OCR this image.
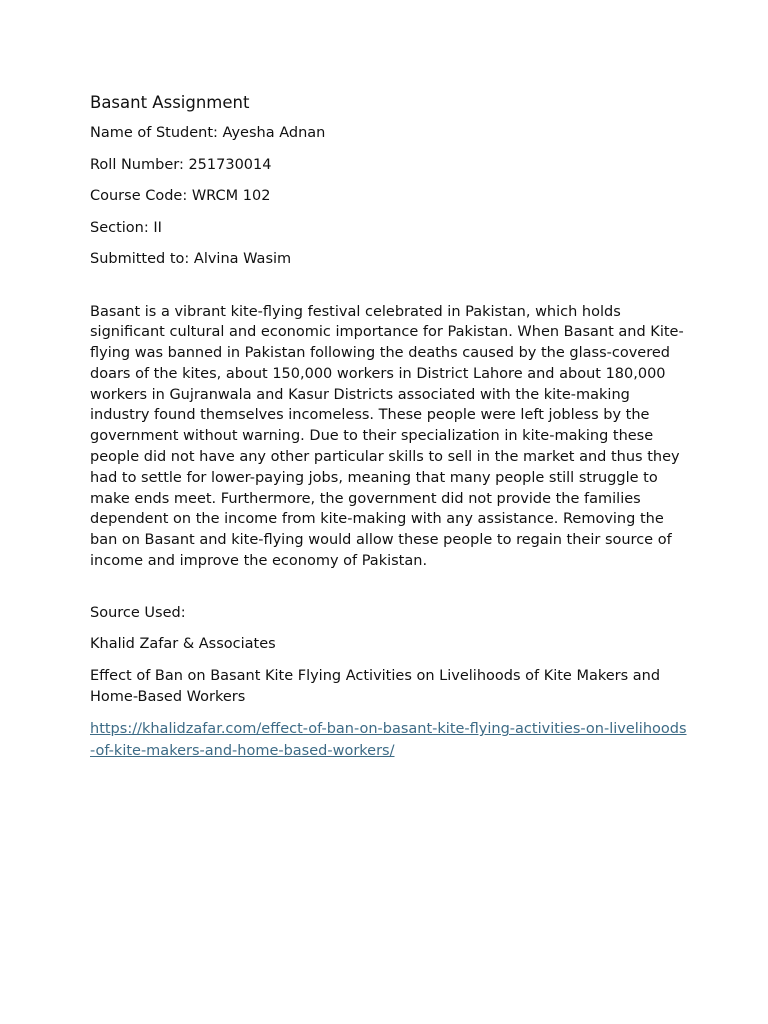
Basant Assignment
Name of Student: Ayesha Adnan
Roll Number: 251730014
Course Code: WRCM 102
Section: II
Submitted to: Alvina Wasim

Basant is a vibrant kite-flying festival celebrated in Pakistan, which holds significant cultural and economic importance for Pakistan. When Basant and Kite-flying was banned in Pakistan following the deaths caused by the glass-covered doars of the kites, about 150,000 workers in District Lahore and about 180,000 workers in Gujranwala and Kasur Districts associated with the kite-making industry found themselves incomeless. These people were left jobless by the government without warning. Due to their specialization in kite-making these people did not have any other particular skills to sell in the market and thus they had to settle for lower-paying jobs, meaning that many people still struggle to make ends meet. Furthermore, the government did not provide the families dependent on the income from kite-making with any assistance. Removing the ban on Basant and kite-flying would allow these people to regain their source of income and improve the economy of Pakistan.

Source Used:
Khalid Zafar & Associates
Effect of Ban on Basant Kite Flying Activities on Livelihoods of Kite Makers and Home-Based Workers
https://khalidzafar.com/effect-of-ban-on-basant-kite-flying-activities-on-livelihoods-of-kite-makers-and-home-based-workers/
